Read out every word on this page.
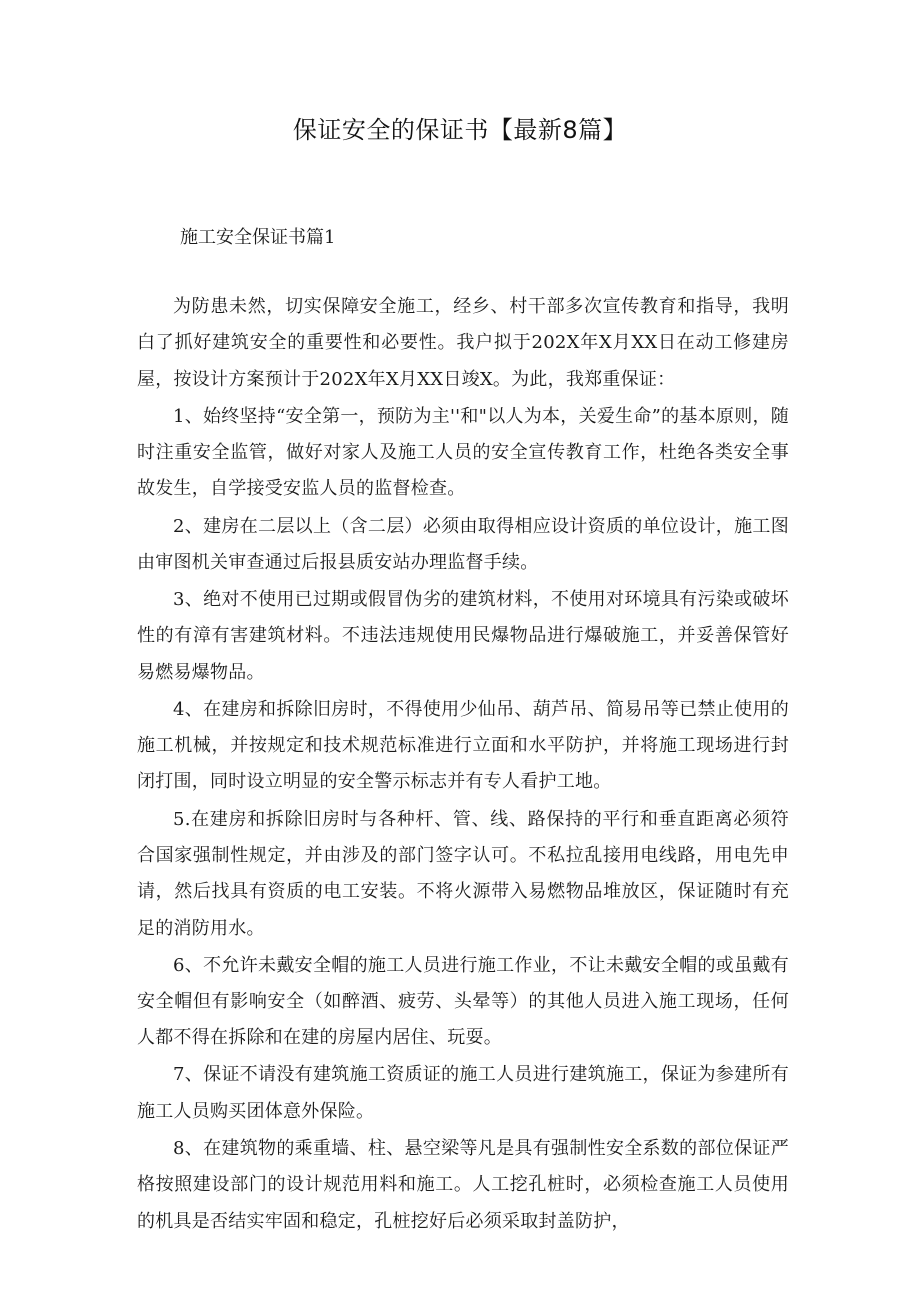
保证安全的保证书【最新8篇】
施工安全保证书篇1

为防患未然，切实保障安全施工，经乡、村干部多次宣传教育和指导，我明白了抓好建筑安全的重要性和必要性。我户拟于202X年X月XX日在动工修建房屋，按设计方案预计于202X年X月XX日竣X。为此，我郑重保证：

1、始终坚持“安全第一，预防为主''和"以人为本，关爱生命”的基本原则，随时注重安全监管，做好对家人及施工人员的安全宣传教育工作，杜绝各类安全事故发生，自学接受安监人员的监督检查。

2、建房在二层以上（含二层）必须由取得相应设计资质的单位设计，施工图由审图机关审查通过后报县质安站办理监督手续。

3、绝对不使用已过期或假冒伪劣的建筑材料，不使用对环境具有污染或破坏性的有漳有害建筑材料。不违法违规使用民爆物品进行爆破施工，并妥善保管好易燃易爆物品。

4、在建房和拆除旧房时，不得使用少仙吊、葫芦吊、简易吊等已禁止使用的施工机械，并按规定和技术规范标准进行立面和水平防护，并将施工现场进行封闭打围，同时设立明显的安全警示标志并有专人看护工地。

5.在建房和拆除旧房时与各种杆、管、线、路保持的平行和垂直距离必须符合国家强制性规定，并由涉及的部门签字认可。不私拉乱接用电线路，用电先申请，然后找具有资质的电工安装。不将火源带入易燃物品堆放区，保证随时有充足的消防用水。

6、不允许未戴安全帽的施工人员进行施工作业，不让未戴安全帽的或虽戴有安全帽但有影响安全（如醉酒、疲劳、头晕等）的其他人员进入施工现场，任何人都不得在拆除和在建的房屋内居住、玩耍。

7、保证不请没有建筑施工资质证的施工人员进行建筑施工，保证为参建所有施工人员购买团体意外保险。

8、在建筑物的乘重墙、柱、悬空梁等凡是具有强制性安全系数的部位保证严格按照建设部门的设计规范用料和施工。人工挖孔桩时，必须检查施工人员使用的机具是否结实牢固和稳定，孔桩挖好后必须采取封盖防护，
